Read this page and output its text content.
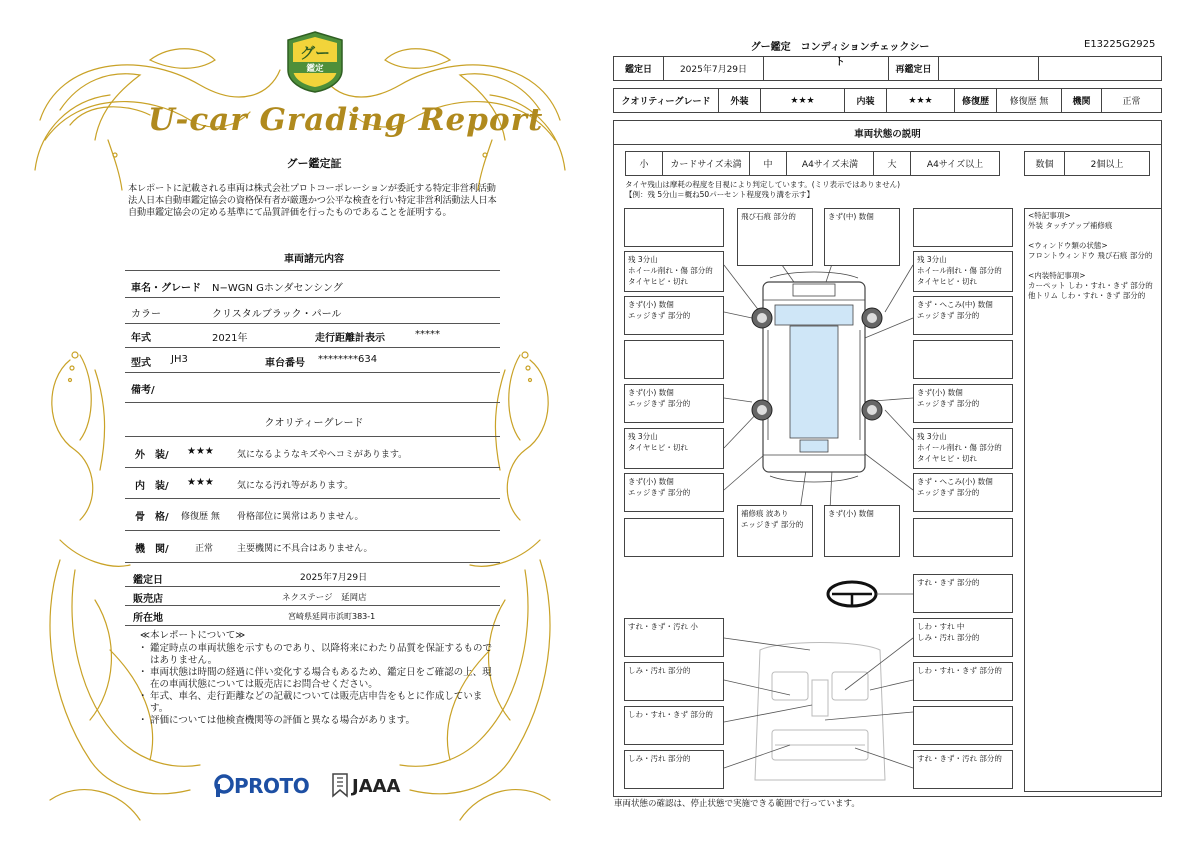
グー
鑑定
U-car Grading Report
グー鑑定証
本レポートに記載される車両は株式会社プロトコーポレーションが委託する特定非営利活動法人日本自動車鑑定協会の資格保有者が厳選かつ公平な検査を行い特定非営利活動法人日本自動車鑑定協会の定める基準にて品質評価を行ったものであることを証明する。
車両諸元内容
車名・グレード N−WGN Gホンダセンシング
カラー	クリスタルブラック・パール
年式	2021年	走行距離計表示	*****
型式 JH3	車台番号 ********634
備考/
クオリティーグレード
外　装/ ★★★	気になるようなキズやヘコミがあります。
内　装/ ★★★	気になる汚れ等があります。
骨　格/ 修復歴 無 骨格部位に異常はありません。
機　関/	正常	主要機関に不具合はありません。
鑑定日	2025年7月29日
販売店	ネクステージ　延岡店
所在地	宮崎県延岡市浜町383-1
≪本レポートについて≫
・ 鑑定時点の車両状態を示すものであり、以降将来にわたり品質を保証するものではありません。
・ 車両状態は時間の経過に伴い変化する場合もあるため、鑑定日をご確認の上、現在の車両状態については販売店にお問合せください。
・ 年式、車名、走行距離などの記載については販売店申告をもとに作成しています。
・ 評価については他検査機関等の評価と異なる場合があります。
PROTO JAAA
グー鑑定　コンディションチェックシート
E13225G2925
鑑定日	2025年7月29日	再鑑定日
クオリティーグレード	外装	★★★	内装	★★★	修復歴	修復歴 無	機関	正常
車両状態の説明
小	カードサイズ未満	中	A4サイズ未満	大	A4サイズ以上	数個	2個以上
タイヤ残山は摩耗の程度を目視により判定しています。(ミリ表示ではありません)
【例：残 5分山＝概ね50パーセント程度残り溝を示す】
飛び石痕 部分的	きず(中) 数個
残 3分山
ホイール削れ・傷 部分的
タイヤヒビ・切れ
残 3分山
ホイール削れ・傷 部分的
タイヤヒビ・切れ
きず(小) 数個
エッジきず 部分的
きず・へこみ(中) 数個
エッジきず 部分的
きず(小) 数個
エッジきず 部分的
きず(小) 数個
エッジきず 部分的
残 3分山
タイヤヒビ・切れ
残 3分山
ホイール削れ・傷 部分的
タイヤヒビ・切れ
きず(小) 数個
エッジきず 部分的
きず・へこみ(小) 数個
エッジきず 部分的
補修痕 波あり
エッジきず 部分的
きず(小) 数個
すれ・きず 部分的
すれ・きず・汚れ 小	しわ・すれ 中
しみ・汚れ 部分的
しみ・汚れ 部分的	しわ・すれ・きず 部分的
しわ・すれ・きず 部分的
しみ・汚れ 部分的	すれ・きず・汚れ 部分的
<特記事項>
外装 タッチアップ補修痕
<ウィンドウ類の状態>
フロントウィンドウ 飛び石痕 部分的
<内装特記事項>
カーペット しわ・すれ・きず 部分的
他トリム しわ・すれ・きず 部分的
車両状態の確認は、停止状態で実施できる範囲で行っています。
